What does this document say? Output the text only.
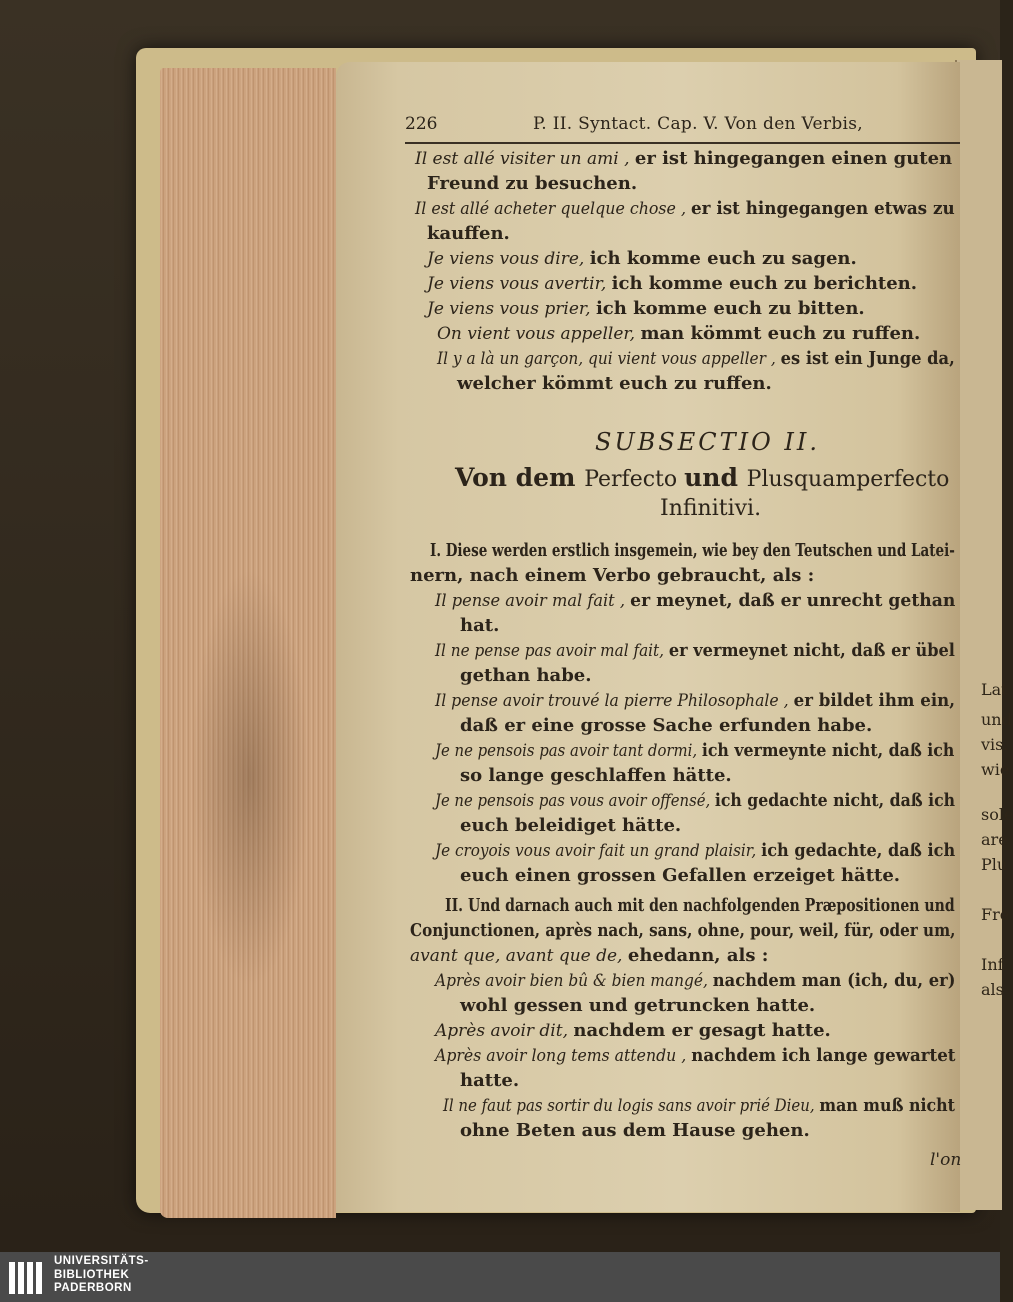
Lat
und
vis.
wie
sole
are
Plu
Fre
Inf
als
226	P. II. Syntact. Cap. V. Von den Verbis,
Il est allé visiter un ami , er ist hingegangen einen guten
Freund zu besuchen.
Il est allé acheter quelque chose , er ist hingegangen etwas zu
kauffen.
Je viens vous dire, ich komme euch zu sagen.
Je viens vous avertir, ich komme euch zu berichten.
Je viens vous prier, ich komme euch zu bitten.
On vient vous appeller, man kömmt euch zu ruffen.
Il y a là un garçon, qui vient vous appeller , es ist ein Junge da,
welcher kömmt euch zu ruffen.
SUBSECTIO II.
Von dem Perfecto und Plusquamperfecto
Infinitivi.
I. Diese werden erstlich insgemein, wie bey den Teutschen und Latei-
nern, nach einem Verbo gebraucht, als :
Il pense avoir mal fait , er meynet, daß er unrecht gethan
hat.
Il ne pense pas avoir mal fait, er vermeynet nicht, daß er übel
gethan habe.
Il pense avoir trouvé la pierre Philosophale , er bildet ihm ein,
daß er eine grosse Sache erfunden habe.
Je ne pensois pas avoir tant dormi, ich vermeynte nicht, daß ich
so lange geschlaffen hätte.
Je ne pensois pas vous avoir offensé, ich gedachte nicht, daß ich
euch beleidiget hätte.
Je croyois vous avoir fait un grand plaisir, ich gedachte, daß ich
euch einen grossen Gefallen erzeiget hätte.
II. Und darnach auch mit den nachfolgenden Præpositionen und
Conjunctionen, après nach, sans, ohne, pour, weil, für, oder um,
avant que, avant que de, ehedann, als :
Après avoir bien bû & bien mangé, nachdem man (ich, du, er)
wohl gessen und getruncken hatte.
Après avoir dit, nachdem er gesagt hatte.
Après avoir long tems attendu , nachdem ich lange gewartet
hatte.
Il ne faut pas sortir du logis sans avoir prié Dieu, man muß nicht
ohne Beten aus dem Hause gehen.
l'on
UNIVERSITÄTS-
BIBLIOTHEK
PADERBORN
